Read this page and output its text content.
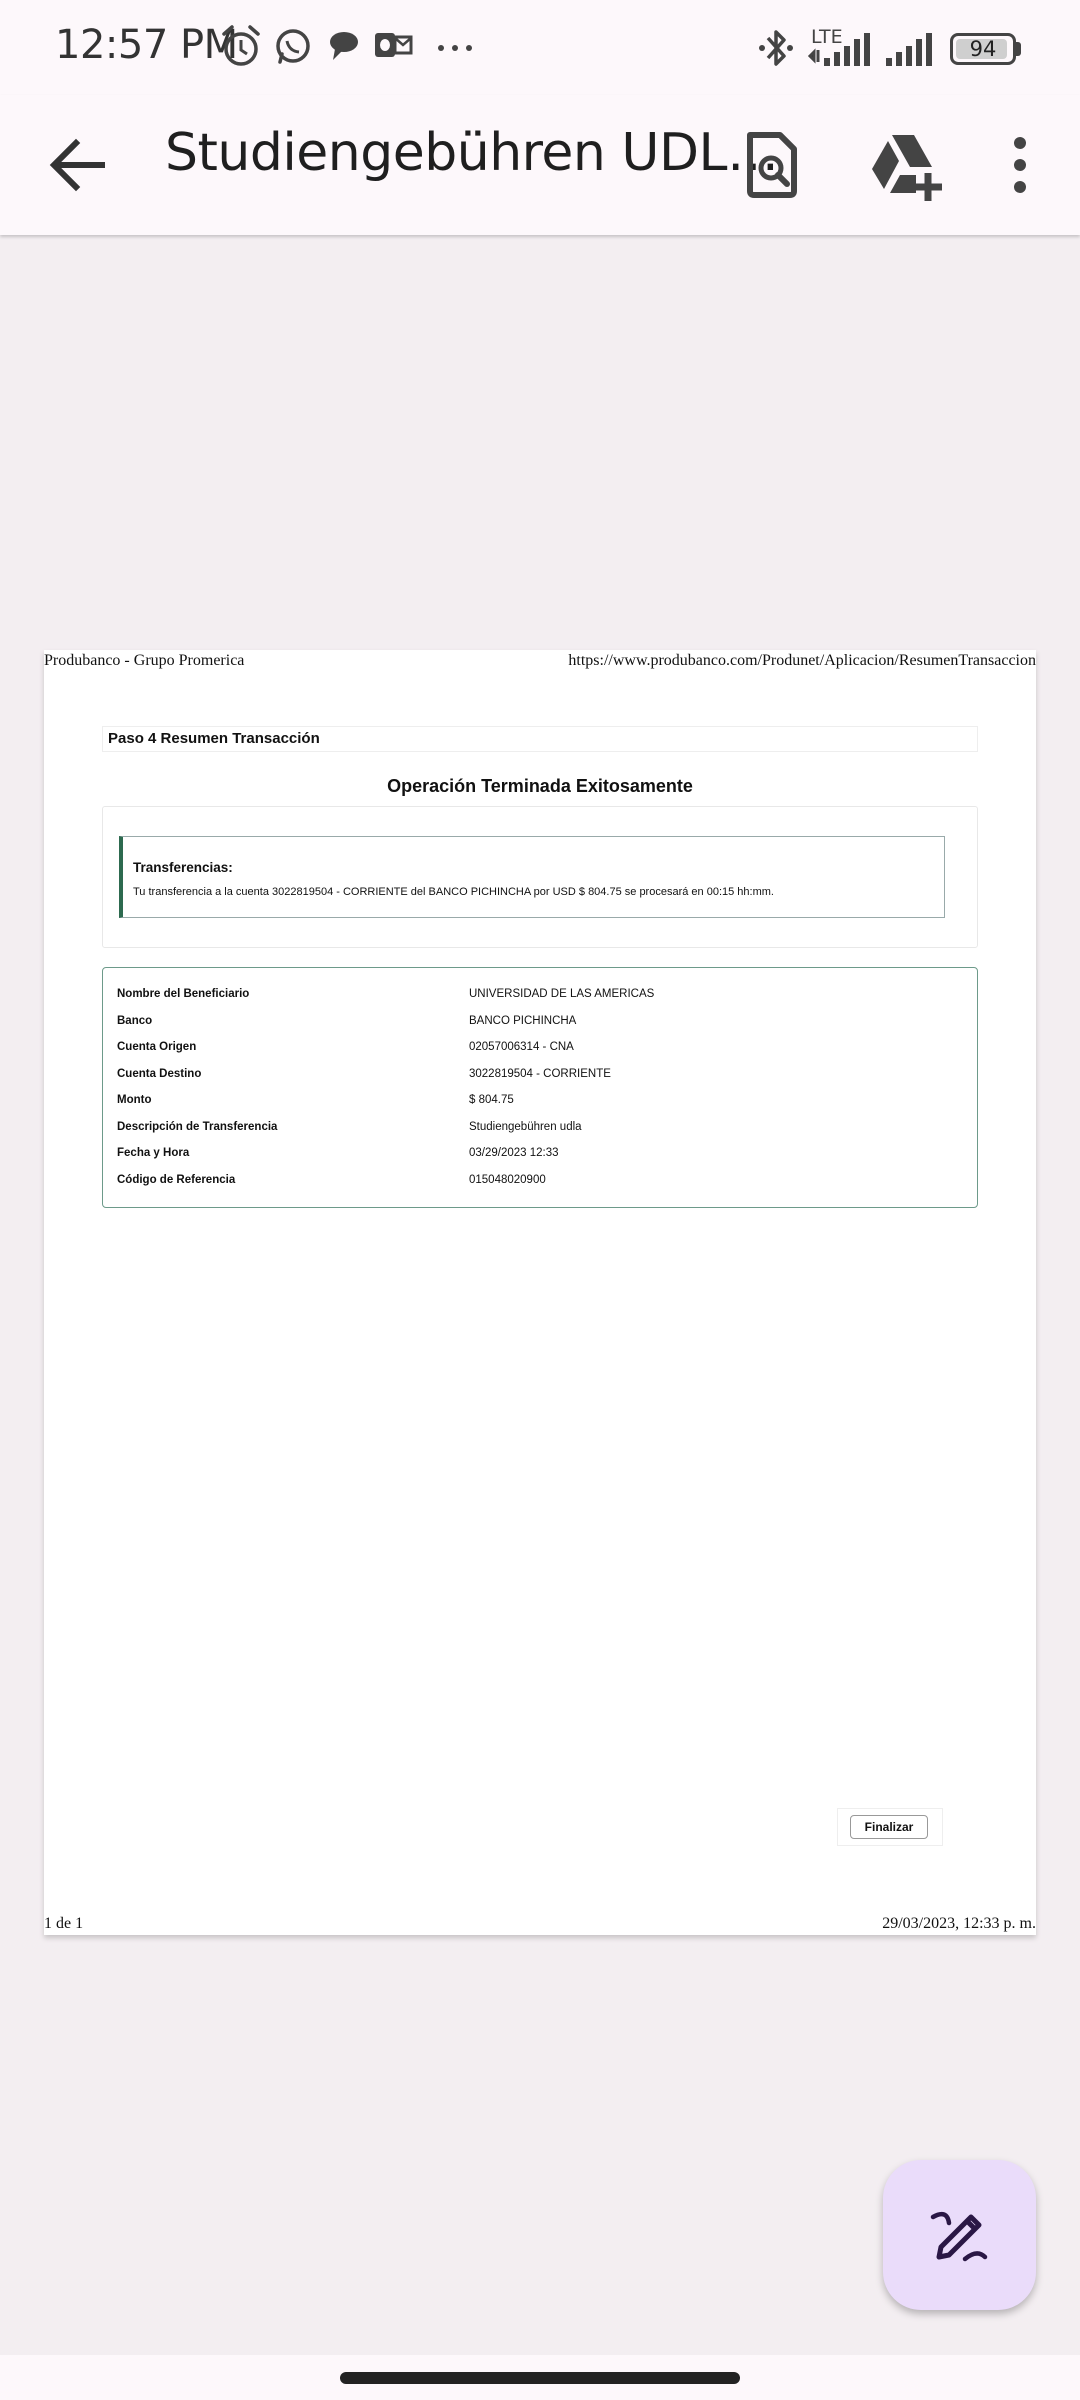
12:57 PM	LTE	94
Studiengebühren UDL…
Produbanco - Grupo Promerica	https://www.produbanco.com/Produnet/Aplicacion/ResumenTransaccion
Paso 4 Resumen Transacción
Operación Terminada Exitosamente
Transferencias:
Tu transferencia a la cuenta 3022819504 - CORRIENTE del BANCO PICHINCHA por USD $ 804.75 se procesará en 00:15 hh:mm.
Nombre del Beneficiario	UNIVERSIDAD DE LAS AMERICAS
Banco	BANCO PICHINCHA
Cuenta Origen	02057006314 - CNA
Cuenta Destino	3022819504 - CORRIENTE
Monto	$ 804.75
Descripción de Transferencia	Studiengebühren udla
Fecha y Hora	03/29/2023 12:33
Código de Referencia	015048020900
Finalizar
1 de 1	29/03/2023, 12:33 p. m.
